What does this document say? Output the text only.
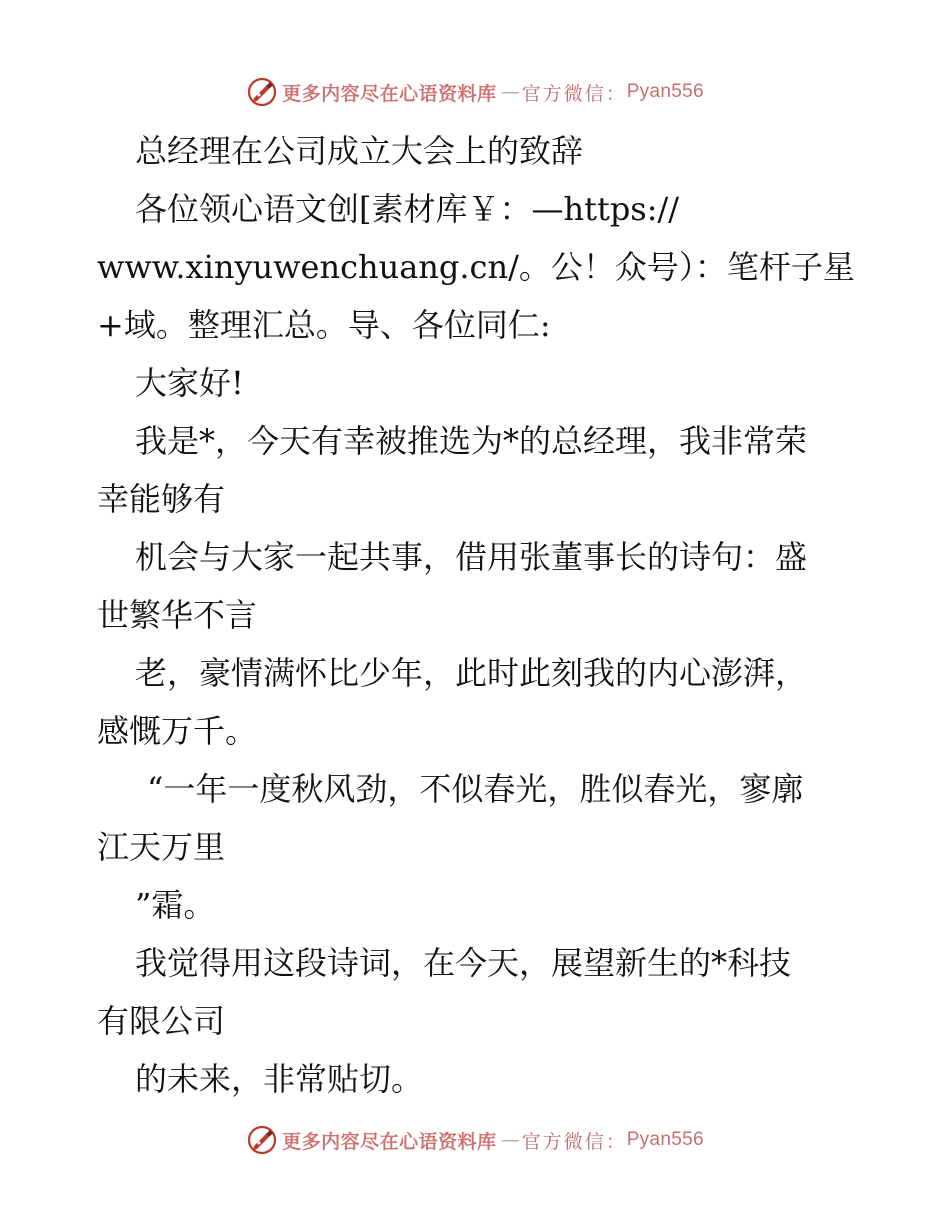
更多内容尽在心语资料库 — 官方微信： Pyan556
总经理在公司成立大会上的致辞
各位领心语文创[素材库￥：—https://
www.xinyuwenchuang.cn/。公！众号）：笔杆子星
+域。整理汇总。导、各位同仁:
大家好!
我是*，今天有幸被推选为*的总经理，我非常荣
幸能够有
机会与大家一起共事，借用张董事长的诗句：盛
世繁华不言
老，豪情满怀比少年，此时此刻我的内心澎湃，
感慨万千。
“一年一度秋风劲，不似春光，胜似春光，寥廓
江天万里
”霜。
我觉得用这段诗词，在今天，展望新生的*科技
有限公司
的未来，非常贴切。
更多内容尽在心语资料库 — 官方微信： Pyan556
